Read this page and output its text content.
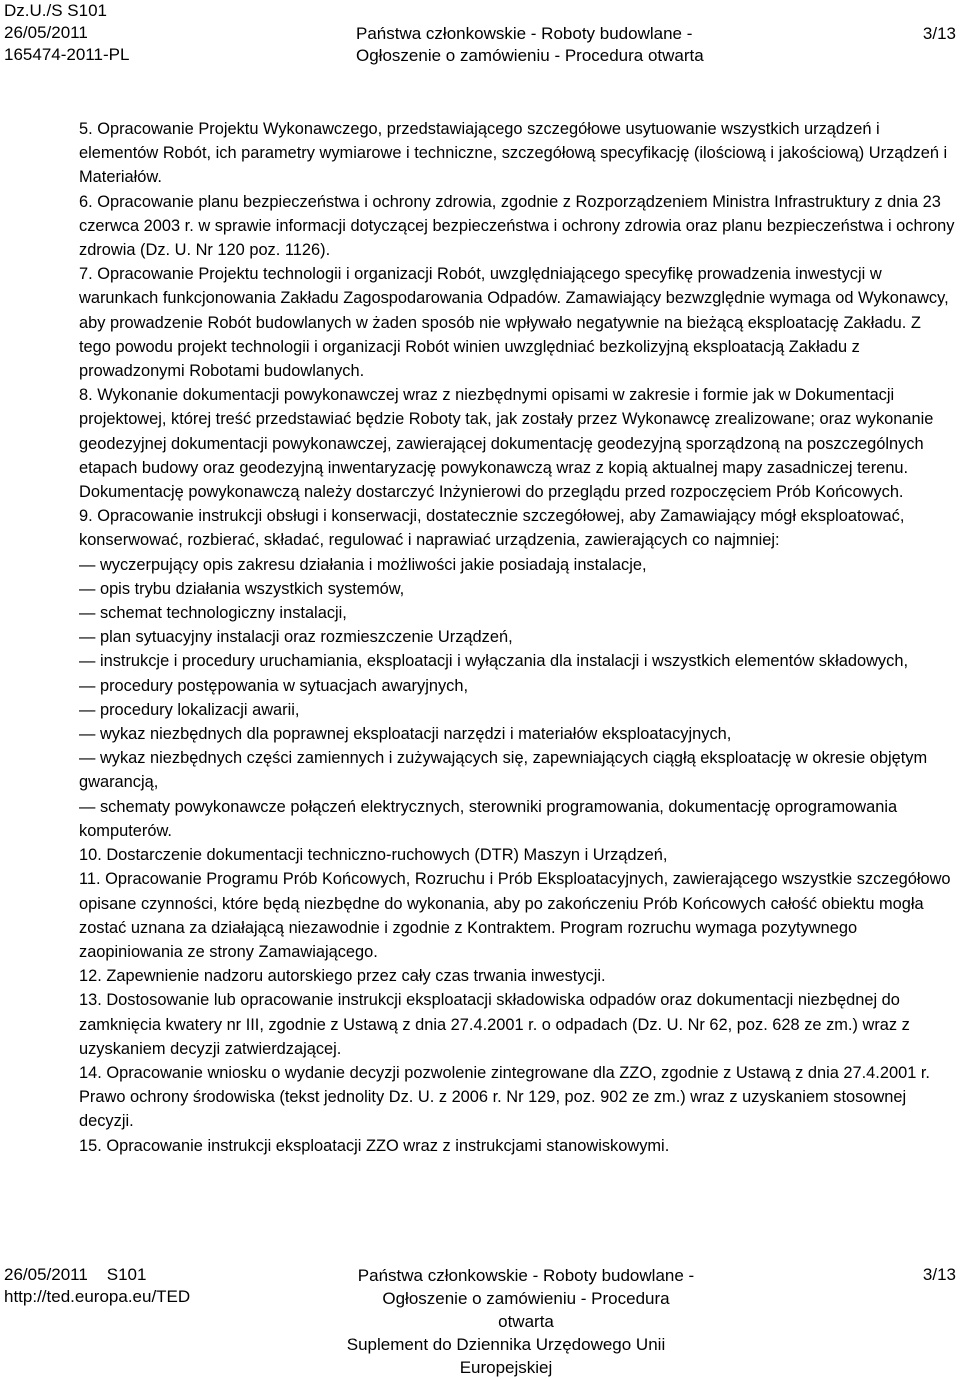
Dz.U./S S101
26/05/2011
165474-2011-PL
Państwa członkowskie - Roboty budowlane -
Ogłoszenie o zamówieniu - Procedura otwarta
3/13

5. Opracowanie Projektu Wykonawczego, przedstawiającego szczegółowe usytuowanie wszystkich urządzeń i elementów Robót, ich parametry wymiarowe i techniczne, szczegółową specyfikację (ilościową i jakościową) Urządzeń i Materiałów.

6. Opracowanie planu bezpieczeństwa i ochrony zdrowia, zgodnie z Rozporządzeniem Ministra Infrastruktury z dnia 23 czerwca 2003 r. w sprawie informacji dotyczącej bezpieczeństwa i ochrony zdrowia oraz planu bezpieczeństwa i ochrony zdrowia (Dz. U. Nr 120 poz. 1126).

7. Opracowanie Projektu technologii i organizacji Robót, uwzględniającego specyfikę prowadzenia inwestycji w warunkach funkcjonowania Zakładu Zagospodarowania Odpadów. Zamawiający bezwzględnie wymaga od Wykonawcy, aby prowadzenie Robót budowlanych w żaden sposób nie wpływało negatywnie na bieżącą eksploatację Zakładu. Z tego powodu projekt technologii i organizacji Robót winien uwzględniać bezkolizyjną eksploatacją Zakładu z prowadzonymi Robotami budowlanych.

8. Wykonanie dokumentacji powykonawczej wraz z niezbędnymi opisami w zakresie i formie jak w Dokumentacji projektowej, której treść przedstawiać będzie Roboty tak, jak zostały przez Wykonawcę zrealizowane; oraz wykonanie geodezyjnej dokumentacji powykonawczej, zawierającej dokumentację geodezyjną sporządzoną na poszczególnych etapach budowy oraz geodezyjną inwentaryzację powykonawczą wraz z kopią aktualnej mapy zasadniczej terenu. Dokumentację powykonawczą należy dostarczyć Inżynierowi do przeglądu przed rozpoczęciem Prób Końcowych.

9. Opracowanie instrukcji obsługi i konserwacji, dostatecznie szczegółowej, aby Zamawiający mógł eksploatować, konserwować, rozbierać, składać, regulować i naprawiać urządzenia, zawierających co najmniej:

— wyczerpujący opis zakresu działania i możliwości jakie posiadają instalacje,

— opis trybu działania wszystkich systemów,

— schemat technologiczny instalacji,

— plan sytuacyjny instalacji oraz rozmieszczenie Urządzeń,

— instrukcje i procedury uruchamiania, eksploatacji i wyłączania dla instalacji i wszystkich elementów składowych,

— procedury postępowania w sytuacjach awaryjnych,

— procedury lokalizacji awarii,

— wykaz niezbędnych dla poprawnej eksploatacji narzędzi i materiałów eksploatacyjnych,

— wykaz niezbędnych części zamiennych i zużywających się, zapewniających ciągłą eksploatację w okresie objętym gwarancją,

— schematy powykonawcze połączeń elektrycznych, sterowniki programowania, dokumentację oprogramowania komputerów.

10. Dostarczenie dokumentacji techniczno-ruchowych (DTR) Maszyn i Urządzeń,

11. Opracowanie Programu Prób Końcowych, Rozruchu i Prób Eksploatacyjnych, zawierającego wszystkie szczegółowo opisane czynności, które będą niezbędne do wykonania, aby po zakończeniu Prób Końcowych całość obiektu mogła zostać uznana za działającą niezawodnie i zgodnie z Kontraktem. Program rozruchu wymaga pozytywnego zaopiniowania ze strony Zamawiającego.

12. Zapewnienie nadzoru autorskiego przez cały czas trwania inwestycji.

13. Dostosowanie lub opracowanie instrukcji eksploatacji składowiska odpadów oraz dokumentacji niezbędnej do zamknięcia kwatery nr III, zgodnie z Ustawą z dnia 27.4.2001 r. o odpadach (Dz. U. Nr 62, poz. 628 ze zm.) wraz z uzyskaniem decyzji zatwierdzającej.

14. Opracowanie wniosku o wydanie decyzji pozwolenie zintegrowane dla ZZO, zgodnie z Ustawą z dnia 27.4.2001 r. Prawo ochrony środowiska (tekst jednolity Dz. U. z 2006 r. Nr 129, poz. 902 ze zm.) wraz z uzyskaniem stosownej decyzji.

15. Opracowanie instrukcji eksploatacji ZZO wraz z instrukcjami stanowiskowymi.

26/05/2011 S101
http://ted.europa.eu/TED
Państwa członkowskie - Roboty budowlane -
Ogłoszenie o zamówieniu - Procedura otwarta
Suplement do Dziennika Urzędowego Unii Europejskiej
3/13
